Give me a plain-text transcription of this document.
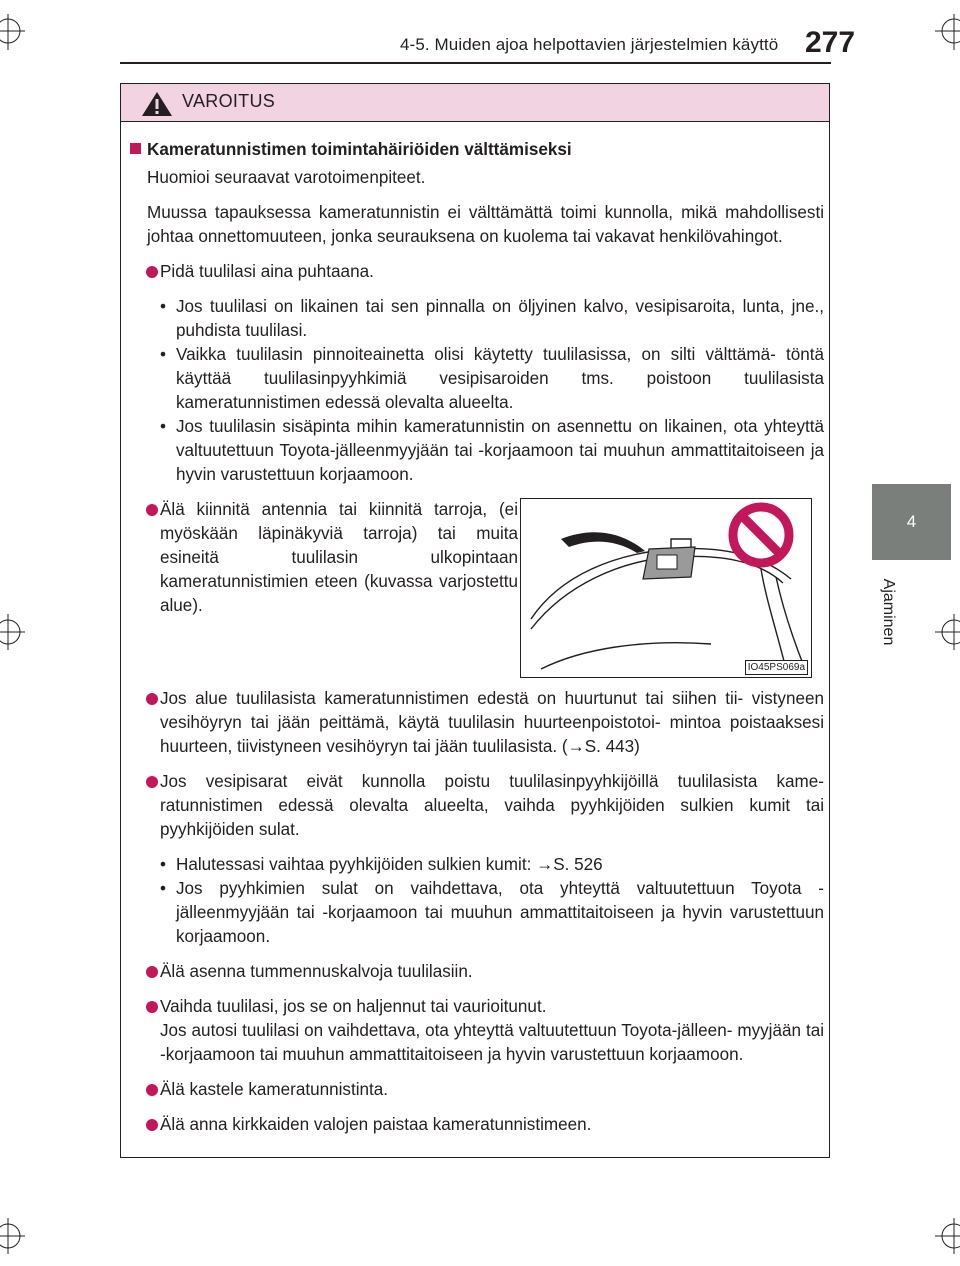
4-5. Muiden ajoa helpottavien järjestelmien käyttö 277
4
Ajaminen
VAROITUS

Kameratunnistimen toimintahäiriöiden välttämiseksi

Huomioi seuraavat varotoimenpiteet.

Muussa tapauksessa kameratunnistin ei välttämättä toimi kunnolla, mikä mahdollisesti johtaa onnettomuuteen, jonka seurauksena on kuolema tai vakavat henkilövahingot.

Pidä tuulilasi aina puhtaana.

• Jos tuulilasi on likainen tai sen pinnalla on öljyinen kalvo, vesipisaroita, lunta, jne., puhdista tuulilasi.

• Vaikka tuulilasin pinnoiteainetta olisi käytetty tuulilasissa, on silti välttämä- töntä käyttää tuulilasinpyyhkimiä vesipisaroiden tms. poistoon tuulilasista kameratunnistimen edessä olevalta alueelta.

• Jos tuulilasin sisäpinta mihin kameratunnistin on asennettu on likainen, ota yhteyttä valtuutettuun Toyota-jälleenmyyjään tai -korjaamoon tai muuhun ammattitaitoiseen ja hyvin varustettuun korjaamoon.

Älä kiinnitä antennia tai kiinnitä tarroja, (ei myöskään läpinäkyviä tarroja) tai muita esineitä tuulilasin ulkopintaan kameratunnistimien eteen (kuvassa varjostettu alue).

IO45PS069a

Jos alue tuulilasista kameratunnistimen edestä on huurtunut tai siihen tii- vistyneen vesihöyryn tai jään peittämä, käytä tuulilasin huurteenpoistotoi- mintoa poistaaksesi huurteen, tiivistyneen vesihöyryn tai jään tuulilasista. (→S. 443)

Jos vesipisarat eivät kunnolla poistu tuulilasinpyyhkijöillä tuulilasista kame- ratunnistimen edessä olevalta alueelta, vaihda pyyhkijöiden sulkien kumit tai pyyhkijöiden sulat.

• Halutessasi vaihtaa pyyhkijöiden sulkien kumit: →S. 526

• Jos pyyhkimien sulat on vaihdettava, ota yhteyttä valtuutettuun Toyota -jälleenmyyjään tai -korjaamoon tai muuhun ammattitaitoiseen ja hyvin varustettuun korjaamoon.

Älä asenna tummennuskalvoja tuulilasiin.

Vaihda tuulilasi, jos se on haljennut tai vaurioitunut.

Jos autosi tuulilasi on vaihdettava, ota yhteyttä valtuutettuun Toyota-jälleen- myyjään tai -korjaamoon tai muuhun ammattitaitoiseen ja hyvin varustettuun korjaamoon.

Älä kastele kameratunnistinta.

Älä anna kirkkaiden valojen paistaa kameratunnistimeen.
